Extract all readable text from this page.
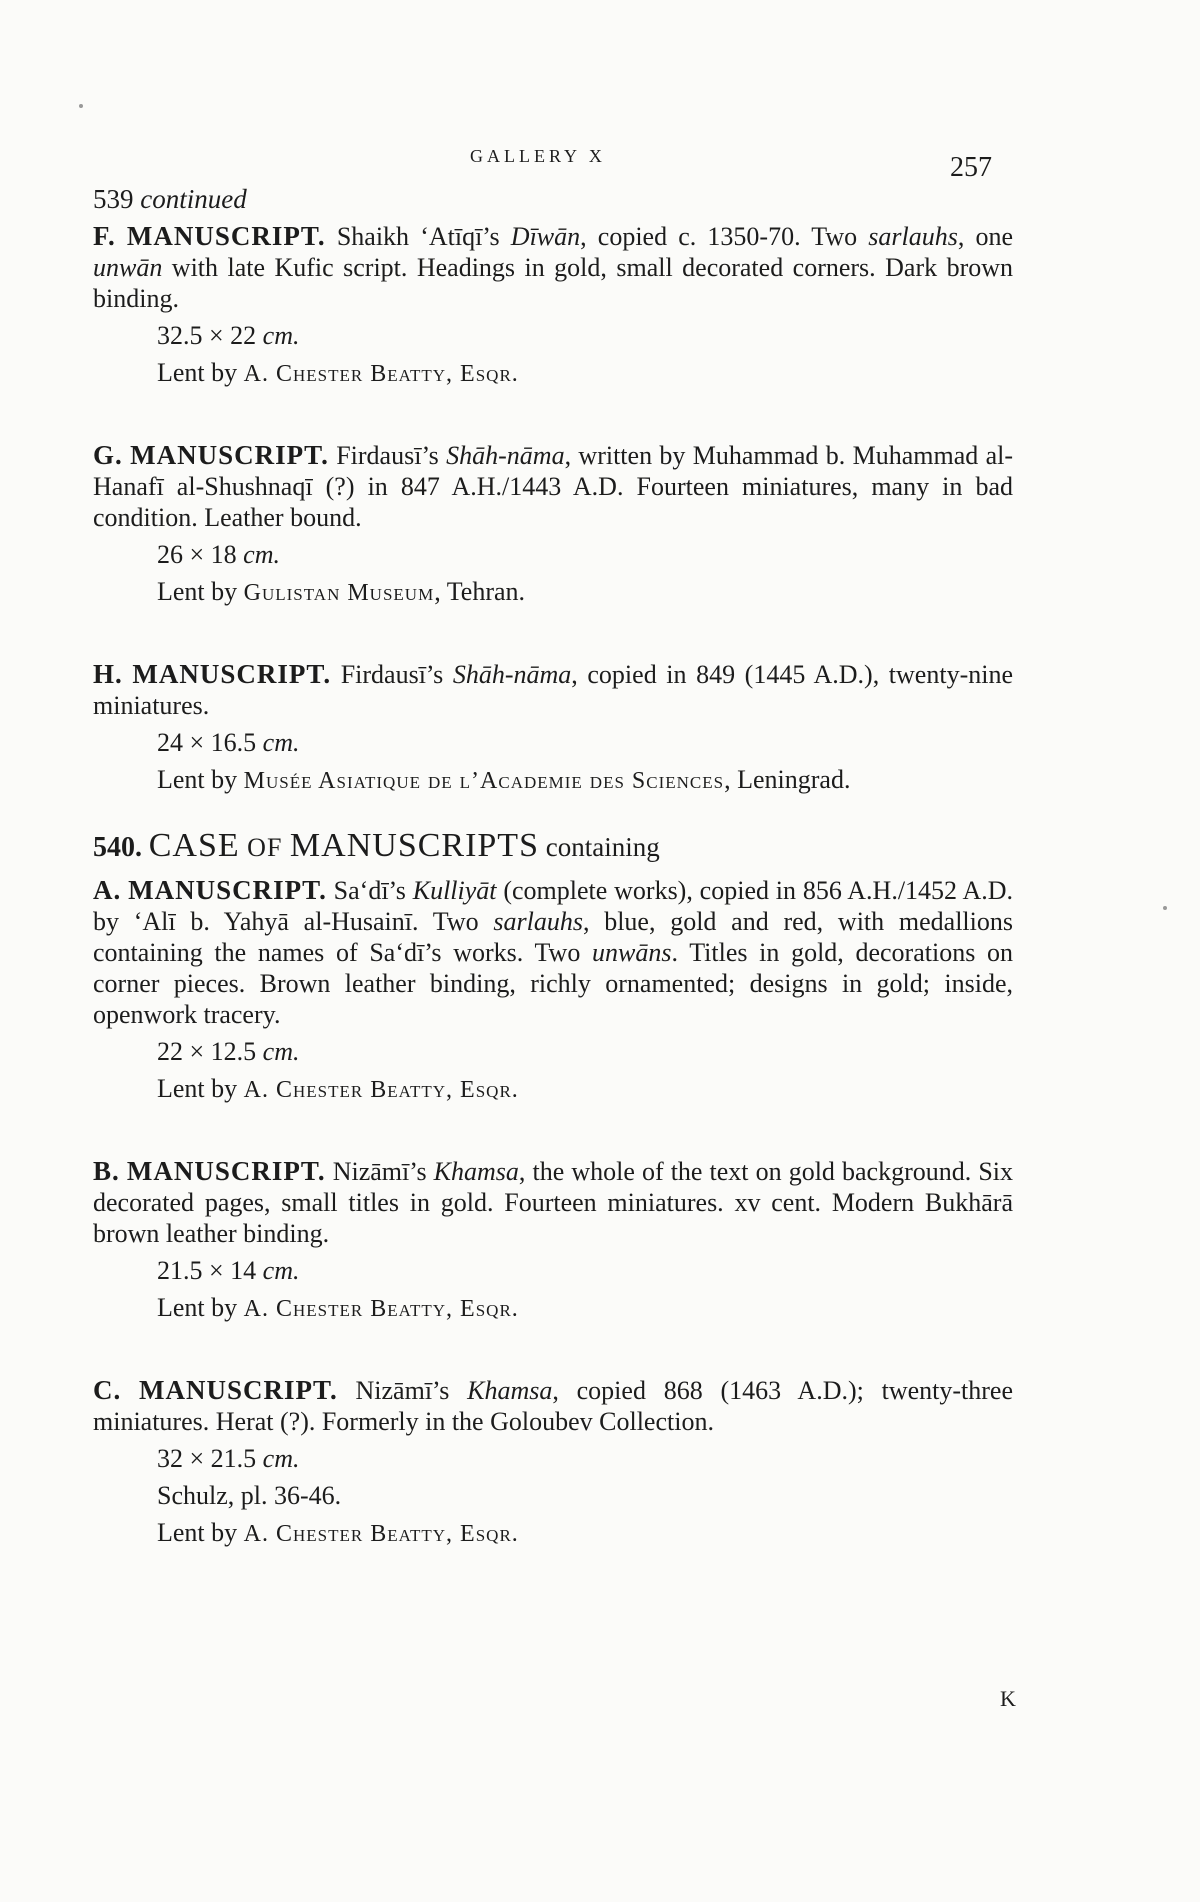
GALLERY X	257
539 continued

F. MANUSCRIPT. Shaikh ‘Atīqī’s Dīwān, copied c. 1350-70. Two sarlauhs, one unwān with late Kufic script. Headings in gold, small decorated corners. Dark brown binding.

32.5 × 22 cm.
Lent by A. Chester Beatty, Esqr.

G. MANUSCRIPT. Firdausī’s Shāh-nāma, written by Muhammad b. Muhammad al-Hanafī al-Shushnaqī (?) in 847 A.H./1443 A.D. Fourteen miniatures, many in bad condition. Leather bound.

26 × 18 cm.
Lent by Gulistan Museum, Tehran.

H. MANUSCRIPT. Firdausī’s Shāh-nāma, copied in 849 (1445 A.D.), twenty-nine miniatures.

24 × 16.5 cm.
Lent by Musée Asiatique de l’Academie des Sciences, Leningrad.
540. CASE OF MANUSCRIPTS containing

A. MANUSCRIPT. Sa‘dī’s Kulliyāt (complete works), copied in 856 A.H./1452 A.D. by ‘Alī b. Yahyā al-Husainī. Two sarlauhs, blue, gold and red, with medallions containing the names of Sa‘dī’s works. Two unwāns. Titles in gold, decorations on corner pieces. Brown leather binding, richly ornamented; designs in gold; inside, openwork tracery.

22 × 12.5 cm.
Lent by A. Chester Beatty, Esqr.

B. MANUSCRIPT. Nizāmī’s Khamsa, the whole of the text on gold background. Six decorated pages, small titles in gold. Fourteen miniatures. xv cent. Modern Bukhārā brown leather binding.

21.5 × 14 cm.
Lent by A. Chester Beatty, Esqr.

C. MANUSCRIPT. Nizāmī’s Khamsa, copied 868 (1463 A.D.); twenty-three miniatures. Herat (?). Formerly in the Goloubev Collection.

32 × 21.5 cm.
Schulz, pl. 36-46.
Lent by A. Chester Beatty, Esqr.
K
